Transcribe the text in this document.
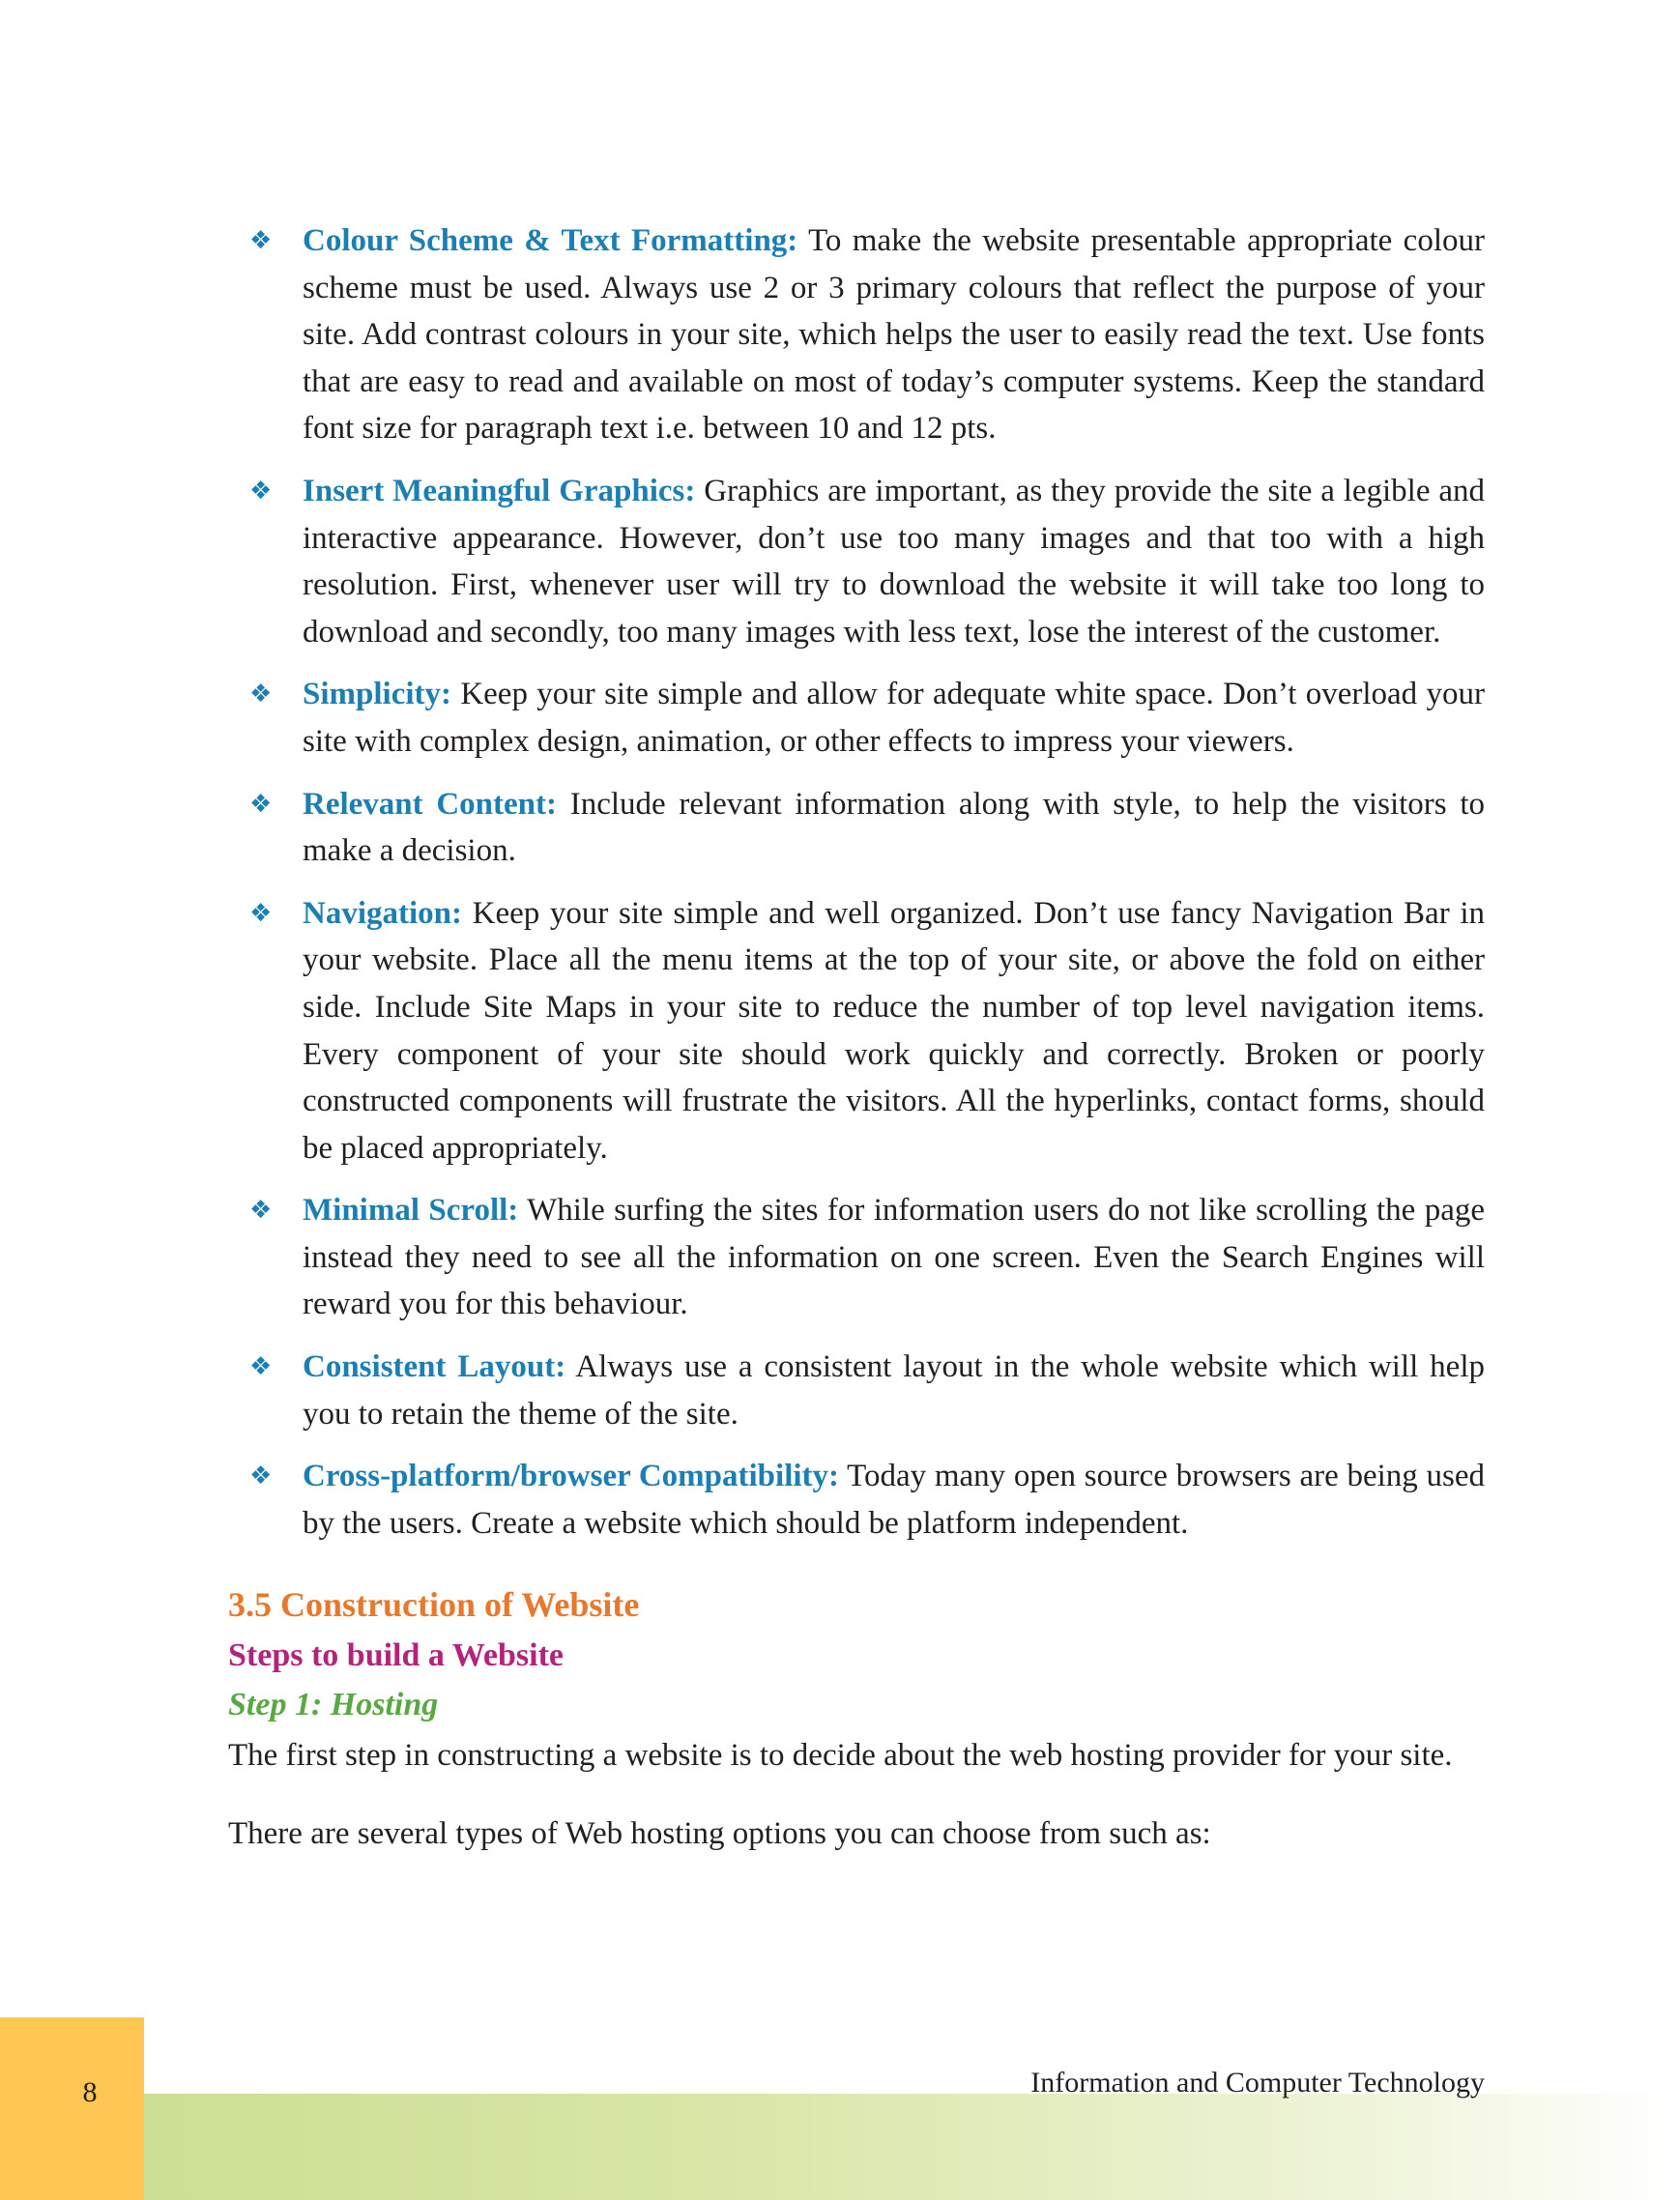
❖ Colour Scheme & Text Formatting: To make the website presentable appropriate colour scheme must be used. Always use 2 or 3 primary colours that reflect the purpose of your site. Add contrast colours in your site, which helps the user to easily read the text. Use fonts that are easy to read and available on most of today’s computer systems. Keep the standard font size for paragraph text i.e. between 10 and 12 pts.
❖ Insert Meaningful Graphics: Graphics are important, as they provide the site a legible and interactive appearance. However, don’t use too many images and that too with a high resolution. First, whenever user will try to download the website it will take too long to download and secondly, too many images with less text, lose the interest of the customer.
❖ Simplicity: Keep your site simple and allow for adequate white space. Don’t overload your site with complex design, animation, or other effects to impress your viewers.
❖ Relevant Content: Include relevant information along with style, to help the visitors to make a decision.
❖ Navigation: Keep your site simple and well organized. Don’t use fancy Navigation Bar in your website. Place all the menu items at the top of your site, or above the fold on either side. Include Site Maps in your site to reduce the number of top level navigation items. Every component of your site should work quickly and correctly. Broken or poorly constructed components will frustrate the visitors. All the hyperlinks, contact forms, should be placed appropriately.
❖ Minimal Scroll: While surfing the sites for information users do not like scrolling the page instead they need to see all the information on one screen. Even the Search Engines will reward you for this behaviour.
❖ Consistent Layout: Always use a consistent layout in the whole website which will help you to retain the theme of the site.
❖ Cross-platform/browser Compatibility: Today many open source browsers are being used by the users. Create a website which should be platform independent.
3.5 Construction of Website
Steps to build a Website
Step 1: Hosting

The first step in constructing a website is to decide about the web hosting provider for your site.

There are several types of Web hosting options you can choose from such as:

8	Information and Computer Technology
